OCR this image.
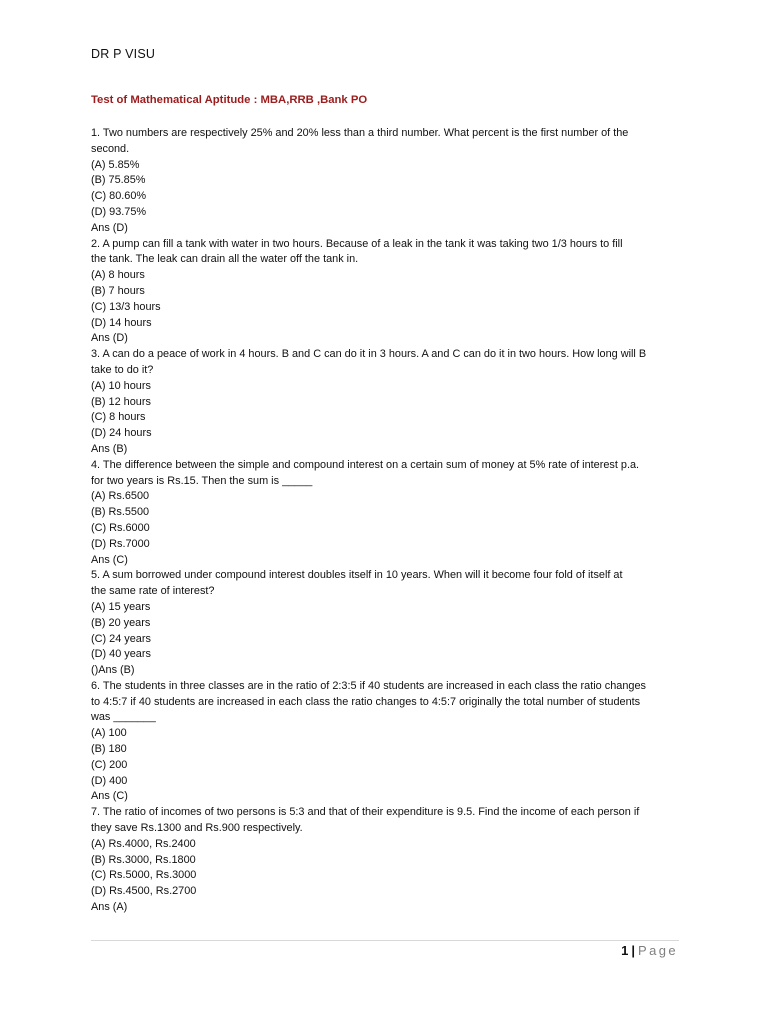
DR P VISU
Test of Mathematical Aptitude : MBA,RRB ,Bank PO
1. Two numbers are respectively 25% and 20% less than a third number. What percent is the first number of the
second.
(A) 5.85%
(B) 75.85%
(C) 80.60%
(D) 93.75%
Ans (D)
2. A pump can fill a tank with water in two hours. Because of a leak in the tank it was taking two 1/3 hours to fill
the tank. The leak can drain all the water off the tank in.
(A) 8 hours
(B) 7 hours
(C) 13/3 hours
(D) 14 hours
Ans (D)
3. A can do a peace of work in 4 hours. B and C can do it in 3 hours. A and C can do it in two hours. How long will B
take to do it?
(A) 10 hours
(B) 12 hours
(C) 8 hours
(D) 24 hours
Ans (B)
4. The difference between the simple and compound interest on a certain sum of money at 5% rate of interest p.a.
for two years is Rs.15. Then the sum is _____
(A) Rs.6500
(B) Rs.5500
(C) Rs.6000
(D) Rs.7000
Ans (C)
5. A sum borrowed under compound interest doubles itself in 10 years. When will it become four fold of itself at
the same rate of interest?
(A) 15 years
(B) 20 years
(C) 24 years
(D) 40 years
()Ans (B)
6. The students in three classes are in the ratio of 2:3:5 if 40 students are increased in each class the ratio changes
to 4:5:7 if 40 students are increased in each class the ratio changes to 4:5:7 originally the total number of students
was _______
(A) 100
(B) 180
(C) 200
(D) 400
Ans (C)
7. The ratio of incomes of two persons is 5:3 and that of their expenditure is 9.5. Find the income of each person if
they save Rs.1300 and Rs.900 respectively.
(A) Rs.4000, Rs.2400
(B) Rs.3000, Rs.1800
(C) Rs.5000, Rs.3000
(D) Rs.4500, Rs.2700
Ans (A)
1 | Page
